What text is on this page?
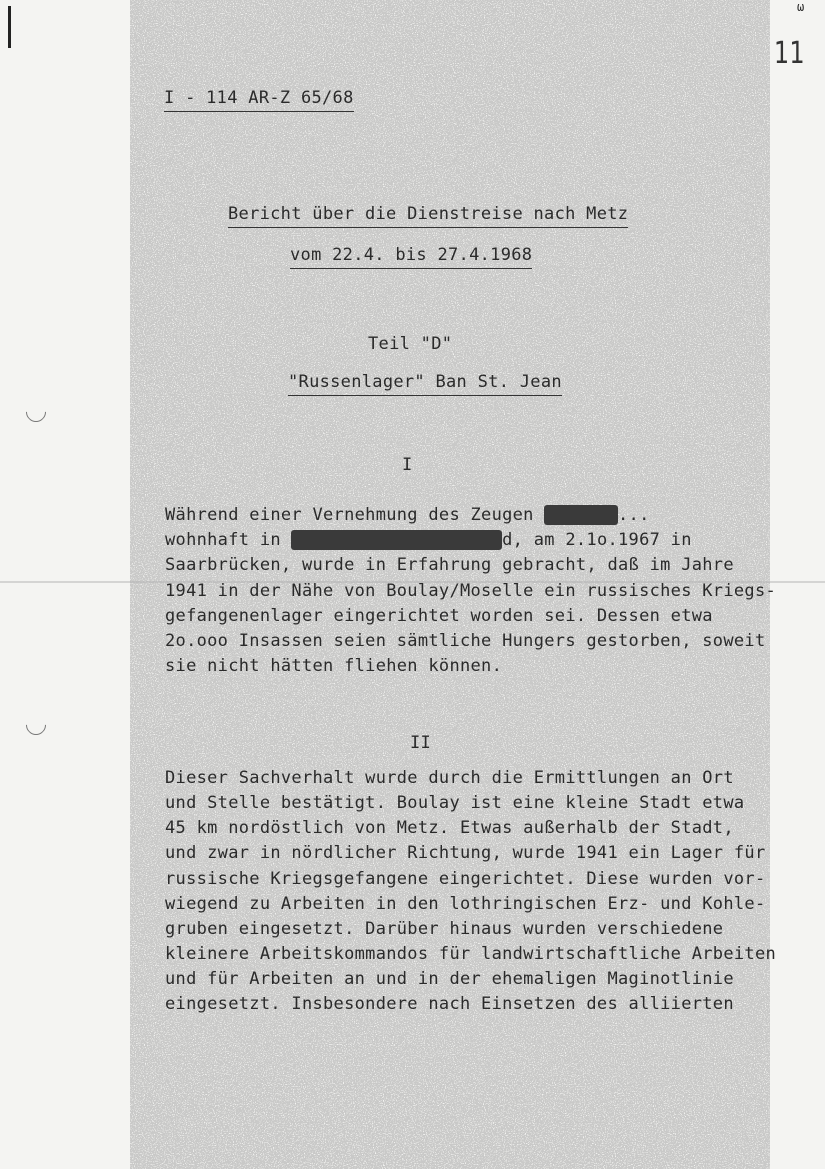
ω
11
I - 114 AR-Z 65/68
Bericht über die Dienstreise nach Metz
vom 22.4. bis 27.4.1968
Teil "D"
"Russenlager" Ban St. Jean
I
Während einer Vernehmung des Zeugen	...
wohnhaft in	d, am 2.1o.1967 in
Saarbrücken, wurde in Erfahrung gebracht, daß im Jahre
1941 in der Nähe von Boulay/Moselle ein russisches Kriegs-
gefangenenlager eingerichtet worden sei. Dessen etwa
2o.ooo Insassen seien sämtliche Hungers gestorben, soweit
sie nicht hätten fliehen können.
II
Dieser Sachverhalt wurde durch die Ermittlungen an Ort
und Stelle bestätigt. Boulay ist eine kleine Stadt etwa
45 km nordöstlich von Metz. Etwas außerhalb der Stadt,
und zwar in nördlicher Richtung, wurde 1941 ein Lager für
russische Kriegsgefangene eingerichtet. Diese wurden vor-
wiegend zu Arbeiten in den lothringischen Erz- und Kohle-
gruben eingesetzt. Darüber hinaus wurden verschiedene
kleinere Arbeitskommandos für landwirtschaftliche Arbeiten
und für Arbeiten an und in der ehemaligen Maginotlinie
eingesetzt. Insbesondere nach Einsetzen des alliierten
